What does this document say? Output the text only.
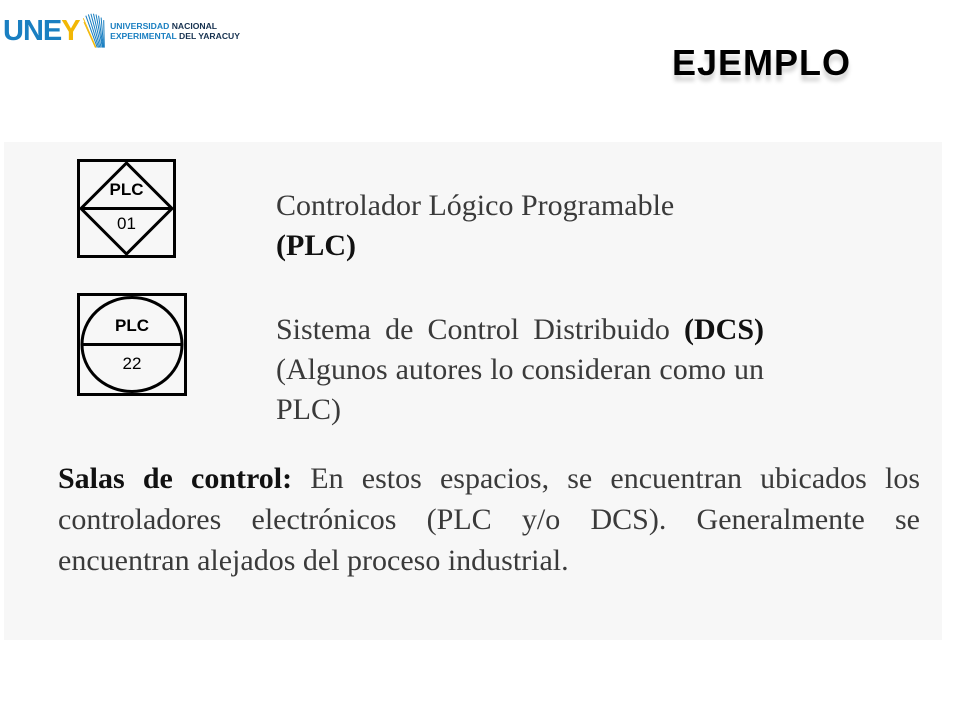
UNEY	UNIVERSIDAD NACIONAL
EXPERIMENTAL DEL YARACUY
EJEMPLO
PLC
01
PLC
22
Controlador Lógico Programable
(PLC)
Sistema de Control Distribuido (DCS) (Algunos autores lo consideran como un PLC)
Salas de control: En estos espacios, se encuentran ubicados los controladores electrónicos (PLC y/o DCS). Generalmente se encuentran alejados del proceso industrial.
